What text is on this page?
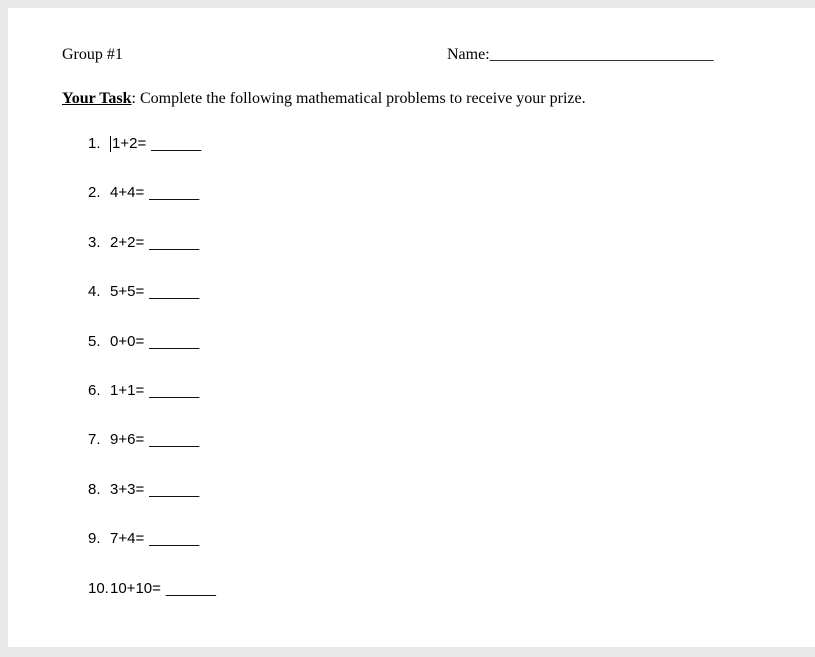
Group #1	Name:____________________________

Your Task: Complete the following mathematical problems to receive your prize.

1. 1+2= ______
2. 4+4= ______
3. 2+2= ______
4. 5+5= ______
5. 0+0= ______
6. 1+1= ______
7. 9+6= ______
8. 3+3= ______
9. 7+4= ______
10.10+10= ______
